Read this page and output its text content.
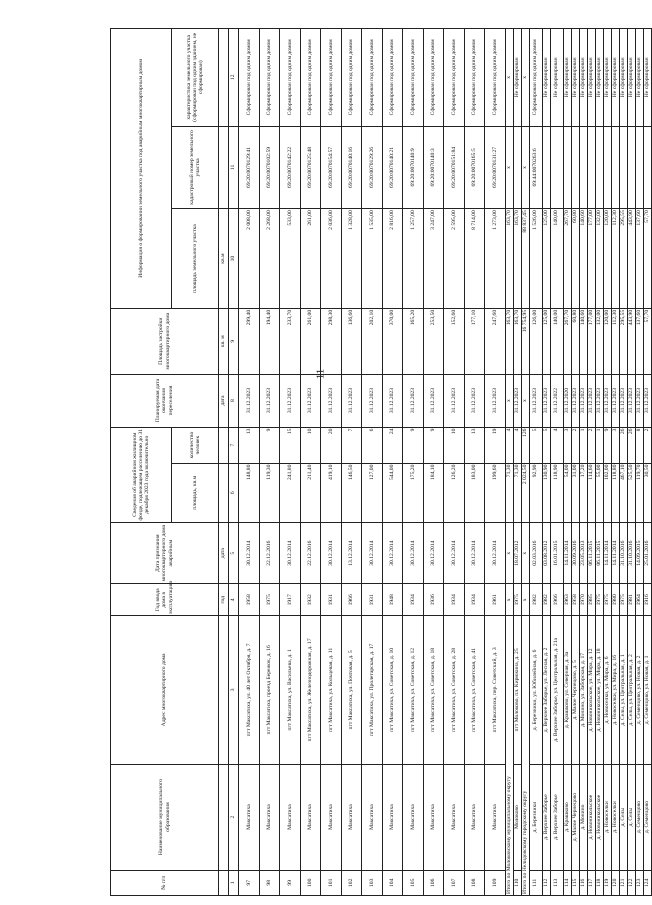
11
№ п/п	Наименование муниципального образования	Адрес многоквартирного дома	Год ввода дома в эксплуатацию	Дата признания многоквартирного дома аварийным	Сведения об аварийном жилищном фонде, подлежащем расселению до 31 декабря 2023 года включительно		Планируемая дата окончания переселения	Площадь застройки многоквартирного дома	Информация о формировании земельного участка под аварийным многоквартирным домом		
					площадь, кв.м	количество человек			площадь земельного участка	кадастровый номер земельного участка	характеристика земельного участка (сформирован под одним зданием, не сформирован)
			год	дата			дата	кв. м	кв.м		
1	2	3	4	5	6	7	8	9	10	11	12
97	Максатиха	пгт Максатиха, ул. 40 лет Октября, д. 7	1958	30.12.2014	148,80	13	31.12.2023	299,40	2 008,00	69:20:0070129:41	Сформирован под одним домом
98	Максатиха	пгт Максатиха, проезд Бережок, д. 16	1975	22.12.2016	119,30	9	31.12.2023	194,40	2 268,00	69:20:0070102:59	Сформирован под одним домом
99	Максатиха	пгт Максатиха, ул. Васильева, д. 1	1917	30.12.2014	241,80	15	31.12.2023	233,70	533,00	69:20:0070142:22	Сформирован под одним домом
100	Максатиха	пгт Максатиха, ул. Железнодорожная, д. 17	1932	22.12.2016	211,40	10	31.12.2023	261,00	261,00	69:20:0070125:48	Сформирован под одним домом
101	Максатиха	пгт Максатиха, ул. Кольцевая, д. 11	1931	30.12.2014	419,10	20	31.12.2023	298,30	2 036,00	69:20:0070154:57	Сформирован под одним домом
102	Максатиха	пгт Максатиха, ул. Почтовая, д. 5	1966	13.12.2014	146,50	7	31.12.2023	136,60	1 328,00	69:20:0070140:16	Сформирован под одним домом
103	Максатиха	пгт Максатиха, ул. Пролетарская, д. 17	1931	30.12.2014	127,00	6	31.12.2023	202,10	1 535,00	69:20:0070129:26	Сформирован под одним домом
104	Максатиха	пгт Максатиха, ул. Советская, д. 10	1948	30.12.2014	544,00	24	31.12.2023	370,00	2 816,00	69:20:0070140:21	Сформирован под одним домом
105	Максатиха	пгт Максатиха, ул. Советская, д. 12	1934	30.12.2014	175,20	9	31.12.2023	165,20	1 257,00	69:20:0070140:9	Сформирован под одним домом
106	Максатиха	пгт Максатиха, ул. Советская, д. 18	1936	30.12.2014	184,10	9	31.12.2023	253,50	3 247,00	69:20:0070140:3	Сформирован под одним домом
107	Максатиха	пгт Максатиха, ул. Советская, д. 28	1934	30.12.2014	126,20	10	31.12.2023	152,60	2 595,00	69:20:0070151:84	Сформирован под одним домом
108	Максатиха	пгт Максатиха, ул. Советская, д. 41	1934	30.12.2014	183,00	13	31.12.2023	177,10	8 714,00	69:20:0070165:5	Сформирован под одним домом
109	Максатиха	пгт Максатиха, пер. Советский, д. 3	1961	30.12.2014	199,60	19	31.12.2023	247,60	1 273,00	69:20:0070131:27	Сформирован под одним домом
Итого по Молоковскому муниципальному округу			x	x	71,30	4	x	163,70	163,70	x	x
110	Молоково	пгт Молоково, пл. Кирюхина, д. 25	1975	18.07.2012	71,30	4	31.12.2023	163,70	163,70		Не сформирован
Итого по Нелидовскому городскому округу			x	x	2 024,50	126	x	16 754,95	88 837,45	x	x
111	д. Березники	д. Березники, ул. Юбилейная, д. 6	1982	02.03.2016	92,90	5	31.12.2023	126,00	1 526,00	69:44:0070263:6	Сформирован под одним домом
112	д. Верхнее Заборье	д. Верхнее Заборье, ул. Лесная, д. 2	1982	03.08.2012	130,90	5	31.12.2023	125,00	125,00		Не сформирован
113	д. Верхнее Заборье	д. Верхнее Заборье, ул. Центральная, д. 21а	1966	16.01.2015	118,90	4	31.12.2022	140,00	140,00		Не сформирован
114	д. Крашково	д. Крашково, ул. Северная, д. 3а	1963	14.11.2014	54,00	3	31.12.2020	267,70	267,70		Не сформирован
115	д. Малое Чернецово	д. Малое Чернецово, д. 5	1958	30.09.2016	31,00	2	31.12.2023	60,80	60,80		Не сформирован
116	д. Монино	д. Монино, ул. Заборская, д. 17	1970	23.05.2013	17,20	1	31.12.2023	140,60	140,60		Не сформирован
117	д. Новоникольское	д. Новоникольское, ул. Мира, д. 12	1985	06.11.2015	114,60	2	31.12.2023	177,00	177,00		Не сформирован
118	д. Новоникольское	д. Новоникольское, ул. Мира, д. 18	1975	06.11.2015	55,00	1	31.12.2023	132,00	132,00		Не сформирован
119	д. Новоселки	д. Новоселки, ул. Мира, д. 6	1975	14.11.2014	102,00	9	31.12.2023	120,00	120,00		Не сформирован
120	д. Новоселки	д. Новоселки, ул. Мира, д. 16	1980	14.11.2014	118,80	3	31.12.2023	112,30	112,30		Не сформирован
121	д. Селы	д. Селы, ул. Центральная, д. 1	1975	31.10.2016	467,10	26	31.12.2023	295,55	295,55		Не сформирован
122	д. Селы	д. Селы, ул. Центральная, д. 2	1981	31.10.2016	525,50	26	31.12.2023	443,90	443,90		Не сформирован
123	д. Семенцово	д. Семенцово, ул. Новая, д. 2	1964	14.09.2015	119,70	8	31.12.2023	137,60	137,60		Не сформирован
124	д. Семенцово	д. Семенцово, ул. Новая, д. 1	1916	25.01.2016	30,50	2	31.12.2023	57,70	57,70		Не сформирован
